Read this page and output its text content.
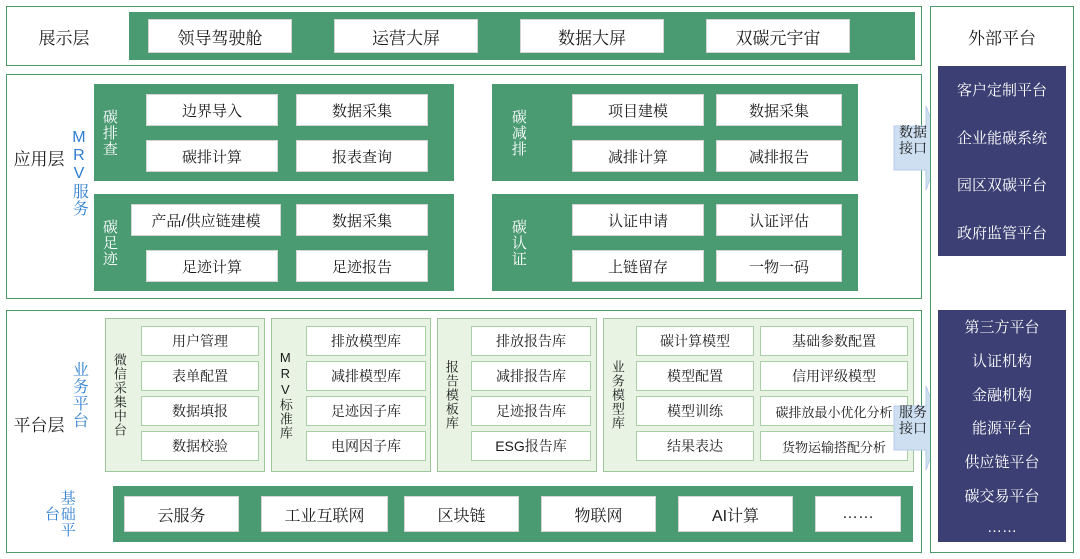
展示层	领导驾驶舱	运营大屏	数据大屏	双碳元宇宙
应用层 MRV服务 碳排查	边界导入	数据采集
碳排计算	报表查询	碳减排	项目建模	数据采集
减排计算	减排报告
碳足迹	产品/供应链建模	数据采集
足迹计算	足迹报告	碳认证	认证申请	认证评估
上链留存	一物一码
平台层 业务平台 微信采集中台
用户管理
表单配置
数据填报
数据校验
MRV标准库
排放模型库
减排模型库
足迹因子库
电网因子库
报告模板库
排放报告库
减排报告库
足迹报告库
ESG报告库
业务模型库
碳计算模型	基础参数配置
模型配置	信用评级模型
模型训练	碳排放最小优化分析
结果表达	货物运输搭配分析
基础平台	云服务	工业互联网	区块链	物联网	AI计算	……
数据
接口
服务
接口
外部平台
客户定制平台
企业能碳系统
园区双碳平台
政府监管平台
第三方平台
认证机构
金融机构
能源平台
供应链平台
碳交易平台
……
